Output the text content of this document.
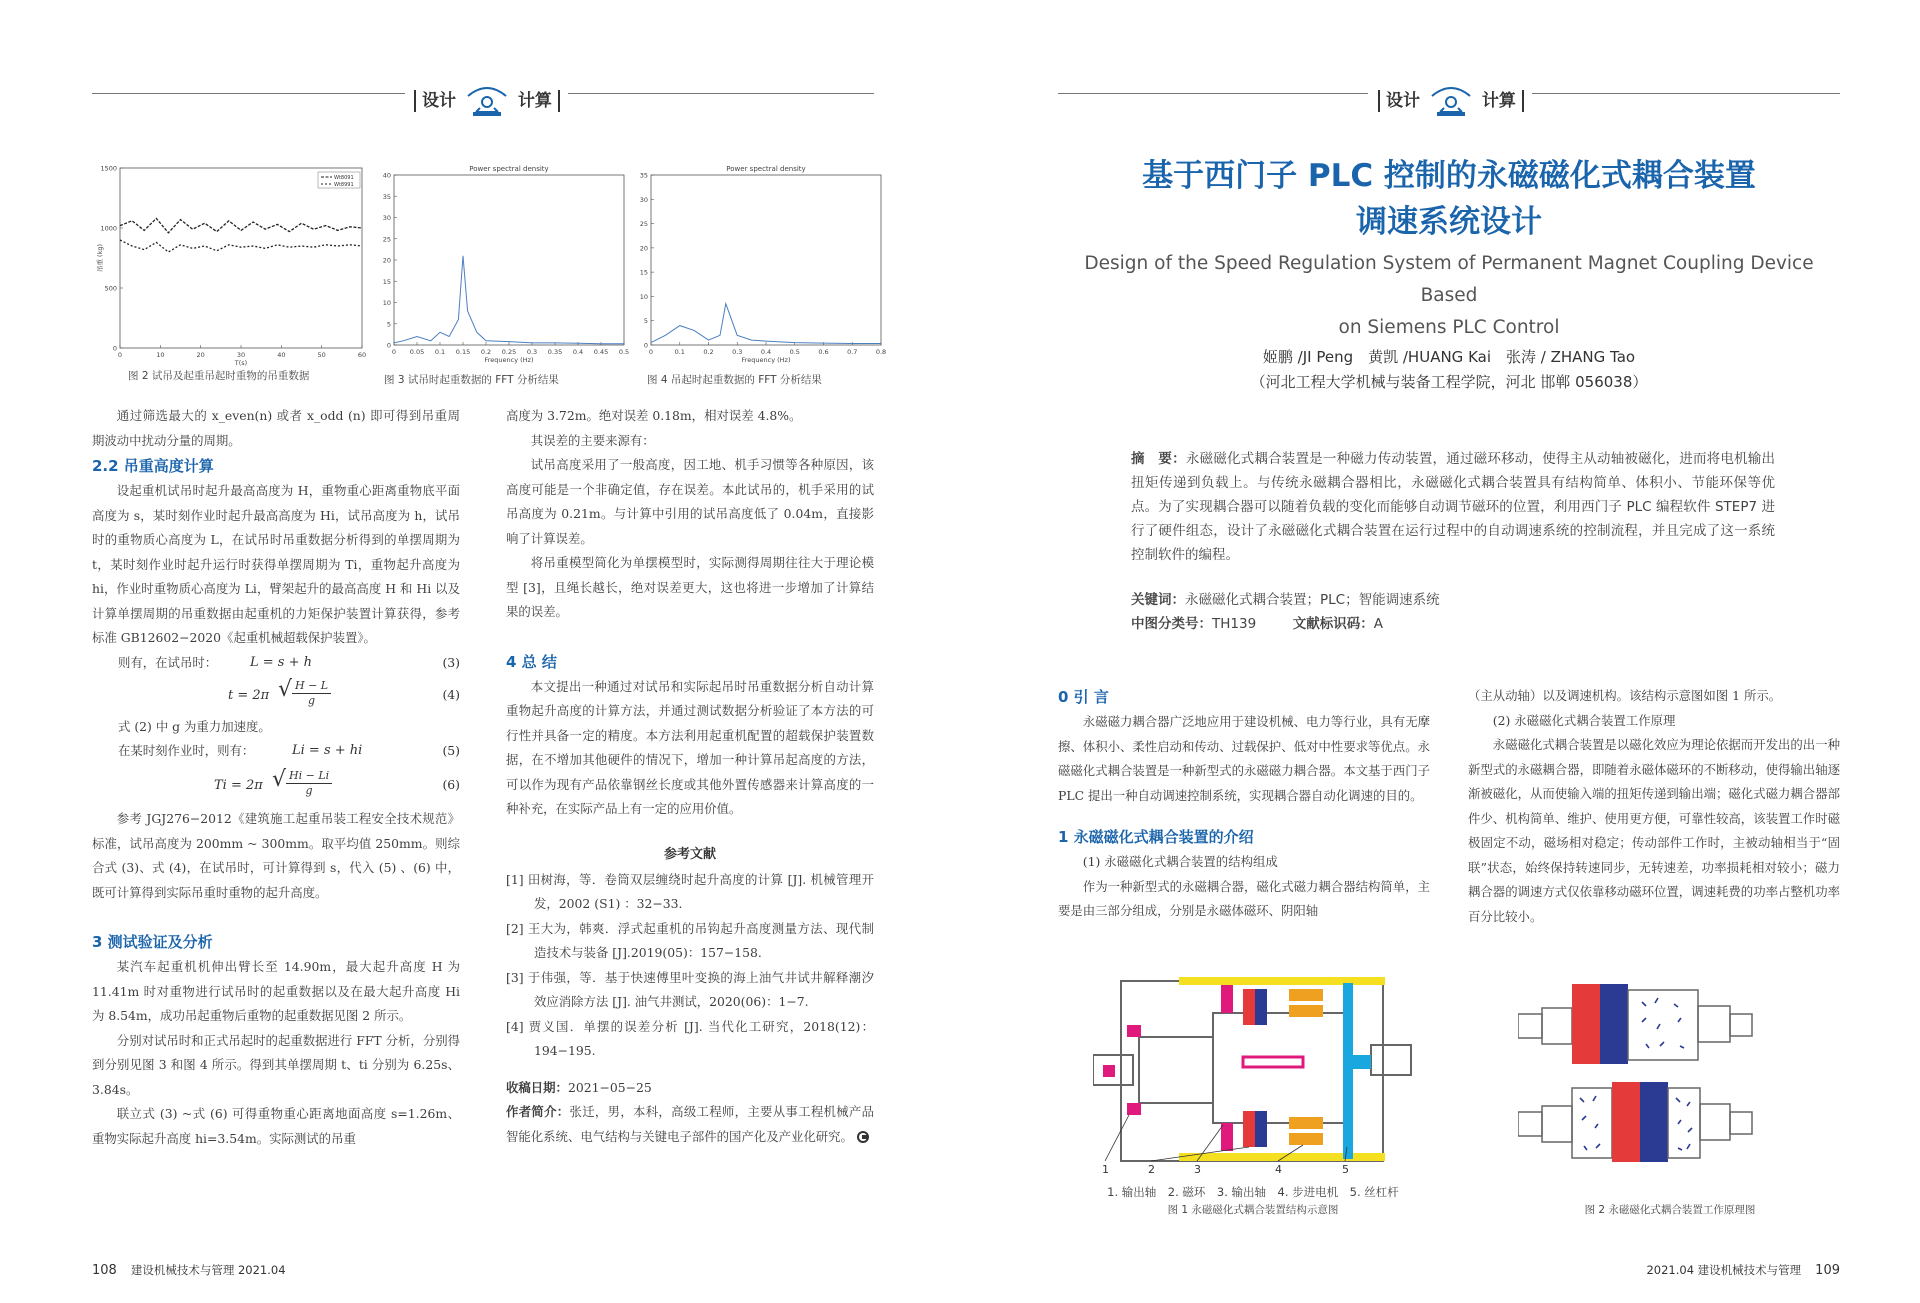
设计	计算	设计	计算
1500
1000
500
0
0	10	20	30	40	50	60
T(s)
吊重 (kg)
Wt8091
Wt8991
图 2 试吊及起重吊起时重物的吊重数据
Power spectral density
40
35
30
25
20
15
10
5
0
0 0.05 0.1 0.15 0.2 0.25 0.3 0.35 0.4 0.45 0.5
Frequency (Hz)
图 3 试吊时起重数据的 FFT 分析结果
Power spectral density
35
30
25
20
15
10
5
0
0	0.1	0.2	0.3	0.4	0.5	0.6	0.7	0.8
Frequency (Hz)
图 4 吊起时起重数据的 FFT 分析结果
通过筛选最大的 x_even(n) 或者 x_odd (n) 即可得到吊重周期波动中扰动分量的周期。
2.2 吊重高度计算
设起重机试吊时起升最高高度为 H，重物重心距离重物底平面高度为 s，某时刻作业时起升最高高度为 Hi，试吊高度为 h，试吊时的重物质心高度为 L，在试吊时吊重数据分析得到的单摆周期为 t，某时刻作业时起升运行时获得单摆周期为 Ti，重物起升高度为 hi，作业时重物质心高度为 Li，臂架起升的最高高度 H 和 Hi 以及计算单摆周期的吊重数据由起重机的力矩保护装置计算获得，参考标准 GB12602−2020《起重机械超载保护装置》。
则有，在试吊时：	L = s + h	(3)
t = 2π √ $\frac{H - L}{g}$	(4)
式 (2) 中 g 为重力加速度。
在某时刻作业时，则有：	Li = s + hi	(5)
Ti = 2π √ $\frac{Hi - Li}{g}$	(6)
参考 JGJ276−2012《建筑施工起重吊装工程安全技术规范》标准，试吊高度为 200mm ~ 300mm。取平均值 250mm。则综合式 (3)、式 (4)，在试吊时，可计算得到 s，代入 (5) 、(6) 中，既可计算得到实际吊重时重物的起升高度。
3 测试验证及分析
某汽车起重机机伸出臂长至 14.90m，最大起升高度 H 为 11.41m 时对重物进行试吊时的起重数据以及在最大起升高度 Hi 为 8.54m，成功吊起重物后重物的起重数据见图 2 所示。
分别对试吊时和正式吊起时的起重数据进行 FFT 分析，分别得到分别见图 3 和图 4 所示。得到其单摆周期 t、ti 分别为 6.25s、3.84s。
联立式 (3) ~式 (6) 可得重物重心距离地面高度 s=1.26m、重物实际起升高度 hi=3.54m。实际测试的吊重
高度为 3.72m。绝对误差 0.18m，相对误差 4.8%。
其误差的主要来源有：
试吊高度采用了一般高度，因工地、机手习惯等各种原因，该高度可能是一个非确定值，存在误差。本此试吊的，机手采用的试吊高度为 0.21m。与计算中引用的试吊高度低了 0.04m，直接影响了计算误差。
将吊重模型简化为单摆模型时，实际测得周期往往大于理论模型 [3]，且绳长越长，绝对误差更大，这也将进一步增加了计算结果的误差。
4 总 结
本文提出一种通过对试吊和实际起吊时吊重数据分析自动计算重物起升高度的计算方法，并通过测试数据分析验证了本方法的可行性并具备一定的精度。本方法利用起重机配置的超载保护装置数据，在不增加其他硬件的情况下，增加一种计算吊起高度的方法，可以作为现有产品依靠钢丝长度或其他外置传感器来计算高度的一种补充，在实际产品上有一定的应用价值。
参考文献
[1] 田树海，等．卷筒双层缠绕时起升高度的计算 [J]. 机械管理开发，2002 (S1) ：32−33.
[2] 王大为，韩爽．浮式起重机的吊钩起升高度测量方法、现代制造技术与装备 [J].2019(05)：157−158.
[3] 于伟强，等．基于快速傅里叶变换的海上油气井试井解释潮汐效应消除方法 [J]. 油气井测试，2020(06)：1−7.
[4] 贾义国．单摆的误差分析 [J]. 当代化工研究，2018(12)：194−195.
收稿日期：2021−05−25
作者简介：张迁，男，本科，高级工程师，主要从事工程机械产品智能化系统、电气结构与关键电子部件的国产化及产业化研究。
108 建设机械技术与管理 2021.04
基于西门子 PLC 控制的永磁磁化式耦合装置
调速系统设计
Design of the Speed Regulation System of Permanent Magnet Coupling Device Based
on Siemens PLC Control
姬鹏 /JI Peng　黄凯 /HUANG Kai　张涛 / ZHANG Tao
（河北工程大学机械与装备工程学院，河北 邯郸 056038）
摘　要：永磁磁化式耦合装置是一种磁力传动装置，通过磁环移动，使得主从动轴被磁化，进而将电机输出扭矩传递到负载上。与传统永磁耦合器相比，永磁磁化式耦合装置具有结构简单、体积小、节能环保等优点。为了实现耦合器可以随着负载的变化而能够自动调节磁环的位置，利用西门子 PLC 编程软件 STEP7 进行了硬件组态，设计了永磁磁化式耦合装置在运行过程中的自动调速系统的控制流程，并且完成了这一系统控制软件的编程。
关键词：永磁磁化式耦合装置；PLC；智能调速系统
中图分类号：TH139	文献标识码：A
0 引 言
永磁磁力耦合器广泛地应用于建设机械、电力等行业，具有无摩擦、体积小、柔性启动和传动、过载保护、低对中性要求等优点。永磁磁化式耦合装置是一种新型式的永磁磁力耦合器。本文基于西门子 PLC 提出一种自动调速控制系统，实现耦合器自动化调速的目的。
1 永磁磁化式耦合装置的介绍
(1) 永磁磁化式耦合装置的结构组成
作为一种新型式的永磁耦合器，磁化式磁力耦合器结构简单，主要是由三部分组成，分别是永磁体磁环、阴阳轴
1	2	3	4	5
1. 输出轴　2. 磁环　3. 输出轴　4. 步进电机　5. 丝杠杆
图 1 永磁磁化式耦合装置结构示意图
（主从动轴）以及调速机构。该结构示意图如图 1 所示。
(2) 永磁磁化式耦合装置工作原理
永磁磁化式耦合装置是以磁化效应为理论依据而开发出的出一种新型式的永磁耦合器，即随着永磁体磁环的不断移动，使得输出轴逐渐被磁化，从而使输入端的扭矩传递到输出端；磁化式磁力耦合器部件少、机构简单、维护、使用更方便，可靠性较高，该装置工作时磁极固定不动，磁场相对稳定；传动部件工作时，主被动轴相当于“固联”状态，始终保持转速同步，无转速差，功率损耗相对较小；磁力耦合器的调速方式仅依靠移动磁环位置，调速耗费的功率占整机功率百分比较小。
图 2 永磁磁化式耦合装置工作原理图
2021.04 建设机械技术与管理 109
